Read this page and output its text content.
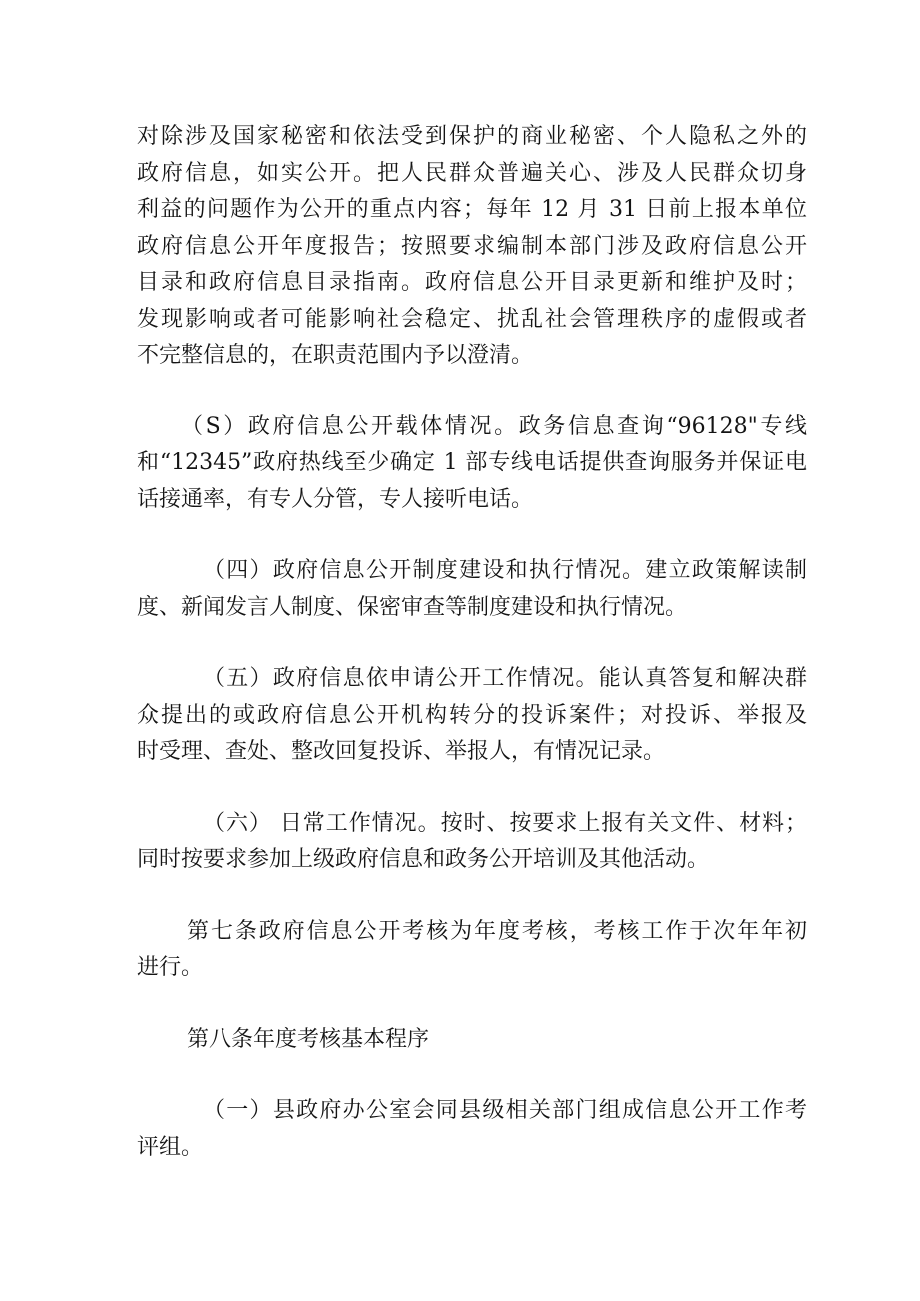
对除涉及国家秘密和依法受到保护的商业秘密、个人隐私之外的
政府信息，如实公开。把人民群众普遍关心、涉及人民群众切身
利益的问题作为公开的重点内容；每年 12 月 31 日前上报本单位
政府信息公开年度报告；按照要求编制本部门涉及政府信息公开
目录和政府信息目录指南。政府信息公开目录更新和维护及时；
发现影响或者可能影响社会稳定、扰乱社会管理秩序的虚假或者
不完整信息的，在职责范围内予以澄清。
（S）政府信息公开载体情况。政务信息查询“96128"专线
和“12345”政府热线至少确定 1 部专线电话提供查询服务并保证电
话接通率，有专人分管，专人接听电话。
（四）政府信息公开制度建设和执行情况。建立政策解读制
度、新闻发言人制度、保密审查等制度建设和执行情况。
（五）政府信息依申请公开工作情况。能认真答复和解决群
众提出的或政府信息公开机构转分的投诉案件；对投诉、举报及
时受理、查处、整改回复投诉、举报人，有情况记录。
（六） 日常工作情况。按时、按要求上报有关文件、材料；
同时按要求参加上级政府信息和政务公开培训及其他活动。
第七条政府信息公开考核为年度考核，考核工作于次年年初
进行。
第八条年度考核基本程序
（一）县政府办公室会同县级相关部门组成信息公开工作考
评组。
